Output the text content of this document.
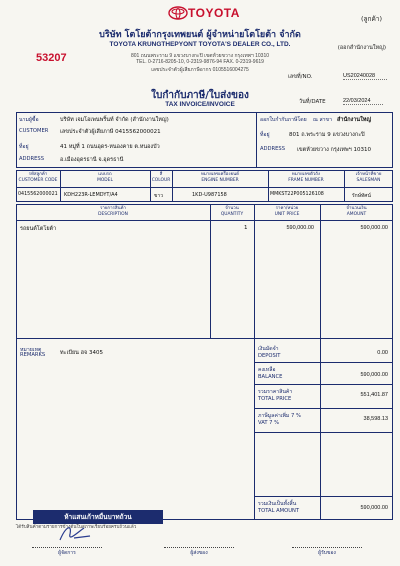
TOYOTA	(ลูกค้า)
บริษัท โตโยต้ากรุงเทพยนต์ ผู้จำหน่ายโตโยต้า จำกัด
TOYOTA KRUNGTHEPYONT TOYOTA'S DEALER CO., LTD.	(ออกสำนักงานใหญ่)
801 ถนนพระราม 9 แขวงบางกะปิ เขตห้วยขวาง กรุงเทพฯ 10310
TEL. 0-2716-8205-10, 0-2319-9876-94 FAX. 0-2319-9619
เลขประจำตัวผู้เสียภาษีอากร 0105516004275
53207
เลขที่/NO.	US20240028
ใบกำกับภาษี/ใบส่งของ
TAX INVOICE/INVOICE	วันที่/DATE	22/03/2024
นามผู้ซื้อ
CUSTOMER
บริษัท เจมโอเพนพริ้นท์ จำกัด (สำนักงานใหญ่)
เลขประจำตัวผู้เสียภาษี 0415562000021
ที่อยู่
ADDRESS
41 หมู่ที่ 1 ถนนอุดร-หนองคาย ต.หนองบัว
อ.เมืองอุดรธานี จ.อุดรธานี
ออกใบกำกับภาษีโดย ณ สาขา สำนักงานใหญ่
ที่อยู่	801 ถ.พระราม 9 แขวงบางกะปิ
ADDRESS เขตห้วยขวาง กรุงเทพฯ 10310
รหัสลูกค้า
CUSTOMER CODE
แบบรถ
MODEL
สี
COLOUR
หมายเลขเครื่องยนต์
ENGINE NUMBER
หมายเลขตัวถัง
FRAME NUMBER
เจ้าหน้าที่ขาย
SALESMAN
0415562000021 KDH223R-LEMDYT/A4	ขาว	1KD-U987158	MMKST22P005126108	รักษ์ทัศน์
รายการสินค้า
DESCRIPTION
จำนวน
QUANTITY
ราคา/หน่วย
UNIT PRICE
จำนวนเงิน
AMOUNT
รถยนต์โตโยต้า	1	590,000.00	590,000.00
หมายเหตุ
REMARKS	ทะเบียน ฮจ 3405
เงินมัดจำ
DEPOSIT	0.00
คงเหลือ
BALANCE	590,000.00
รวมราคาสินค้า
TOTAL PRICE
551,401.87
ภาษีมูลค่าเพิ่ม 7 %
VAT 7 %
38,598.13
รวมเงินเป็นทั้งสิ้น
TOTAL AMOUNT	590,000.00
ห้าแสนเก้าหมื่นบาทถ้วน
ได้รับสินค้าตามรายการข้างต้นในสภาพเรียบร้อยครบถ้วนแล้ว
ผู้จัดการ	ผู้ส่งของ	ผู้รับของ
